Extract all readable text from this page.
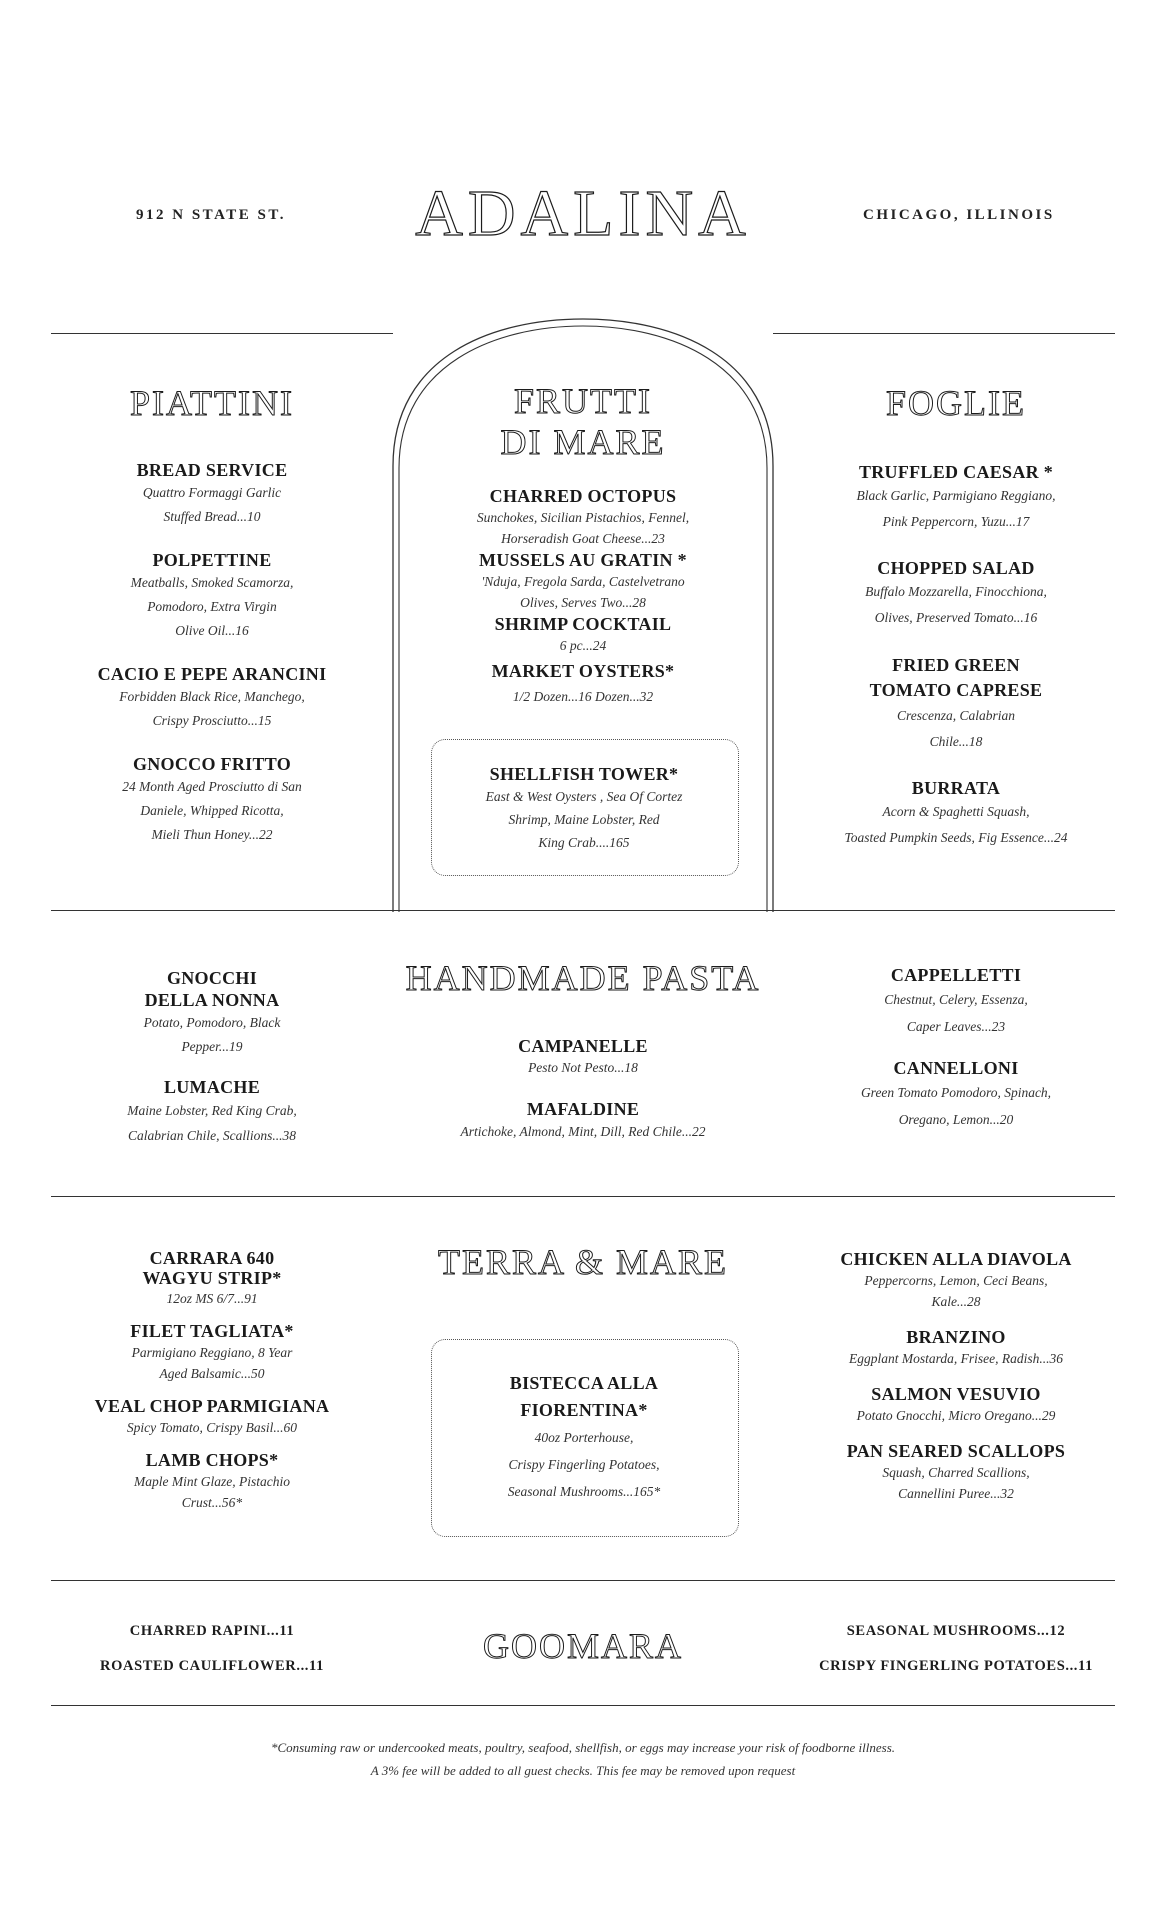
912 N STATE ST.	ADALINA	CHICAGO, ILLINOIS
PIATTINI
BREAD SERVICE
Quattro Formaggi Garlic
Stuffed Bread...10
POLPETTINE
Meatballs, Smoked Scamorza,
Pomodoro, Extra Virgin
Olive Oil...16
CACIO E PEPE ARANCINI
Forbidden Black Rice, Manchego,
Crispy Prosciutto...15
GNOCCO FRITTO
24 Month Aged Prosciutto di San
Daniele, Whipped Ricotta,
Mieli Thun Honey...22
FRUTTI
DI MARE
CHARRED OCTOPUS
Sunchokes, Sicilian Pistachios, Fennel,
Horseradish Goat Cheese...23
MUSSELS AU GRATIN *
'Nduja, Fregola Sarda, Castelvetrano
Olives, Serves Two...28
SHRIMP COCKTAIL
6 pc...24
MARKET OYSTERS*
1/2 Dozen...16 Dozen...32
SHELLFISH TOWER*
East & West Oysters , Sea Of Cortez
Shrimp, Maine Lobster, Red
King Crab....165
FOGLIE
TRUFFLED CAESAR *
Black Garlic, Parmigiano Reggiano,
Pink Peppercorn, Yuzu...17
CHOPPED SALAD
Buffalo Mozzarella, Finocchiona,
Olives, Preserved Tomato...16
FRIED GREEN
TOMATO CAPRESE
Crescenza, Calabrian
Chile...18
BURRATA
Acorn & Spaghetti Squash,
Toasted Pumpkin Seeds, Fig Essence...24
HANDMADE PASTA
GNOCCHI
DELLA NONNA
Potato, Pomodoro, Black
Pepper...19
LUMACHE
Maine Lobster, Red King Crab,
Calabrian Chile, Scallions...38
CAMPANELLE
Pesto Not Pesto...18
MAFALDINE
Artichoke, Almond, Mint, Dill, Red Chile...22
CAPPELLETTI
Chestnut, Celery, Essenza,
Caper Leaves...23
CANNELLONI
Green Tomato Pomodoro, Spinach,
Oregano, Lemon...20
TERRA & MARE
CARRARA 640
WAGYU STRIP*
12oz MS 6/7...91
FILET TAGLIATA*
Parmigiano Reggiano, 8 Year
Aged Balsamic...50
VEAL CHOP PARMIGIANA
Spicy Tomato, Crispy Basil...60
LAMB CHOPS*
Maple Mint Glaze, Pistachio
Crust...56*
BISTECCA ALLA
FIORENTINA*
40oz Porterhouse,
Crispy Fingerling Potatoes,
Seasonal Mushrooms...165*
CHICKEN ALLA DIAVOLA
Peppercorns, Lemon, Ceci Beans,
Kale...28
BRANZINO
Eggplant Mostarda, Frisee, Radish...36
SALMON VESUVIO
Potato Gnocchi, Micro Oregano...29
PAN SEARED SCALLOPS
Squash, Charred Scallions,
Cannellini Puree...32
CHARRED RAPINI...11
ROASTED CAULIFLOWER...11	GOOMARA	SEASONAL MUSHROOMS...12
CRISPY FINGERLING POTATOES...11
*Consuming raw or undercooked meats, poultry, seafood, shellfish, or eggs may increase your risk of foodborne illness.
A 3% fee will be added to all guest checks. This fee may be removed upon request
